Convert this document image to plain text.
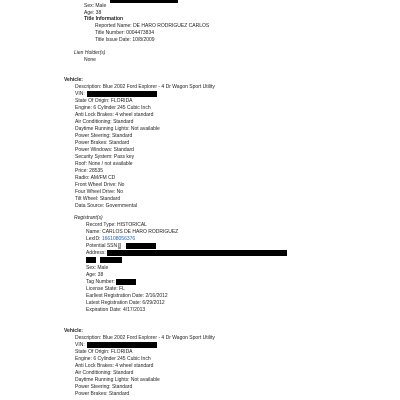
Sex: Male
Age: 38
Title Information
Reported Name: DE HARO RODRIGUEZ CARLOS
Title Number: 0004473834
Title Issue Date: 10/8/2009
Lien Holder(s)
None
Vehicle:
Description: Blue 2002 Ford Explorer - 4 Dr Wagon Sport Utility
VIN:
State Of Origin: FLORIDA
Engine: 6 Cylinder 245 Cubic Inch
Anti Lock Brakes: 4 wheel standard
Air Conditioning: Standard
Daytime Running Lights: Not available
Power Steering: Standard
Power Brakes: Standard
Power Windows: Standard
Security System: Pass key
Roof: None / not available
Price: 28535
Radio: AM/FM CD
Front Wheel Drive: No
Four Wheel Drive: No
Tilt Wheel: Standard
Data Source: Governmental
Registrant(s)
Record Type: HISTORICAL
Name: CARLOS DE HARO RODRIGUEZ
LexID: 166108056376
Potential SSN i
Address:
Sex: Male
Age: 38
Tag Number:
License State: FL
Earliest Registration Date: 2/16/2012
Latest Registration Date: 6/29/2012
Expiration Date: 4/17/2013
Vehicle:
Description: Blue 2002 Ford Explorer - 4 Dr Wagon Sport Utility
VIN:
State Of Origin: FLORIDA
Engine: 6 Cylinder 245 Cubic Inch
Anti Lock Brakes: 4 wheel standard
Air Conditioning: Standard
Daytime Running Lights: Not available
Power Steering: Standard
Power Brakes: Standard
